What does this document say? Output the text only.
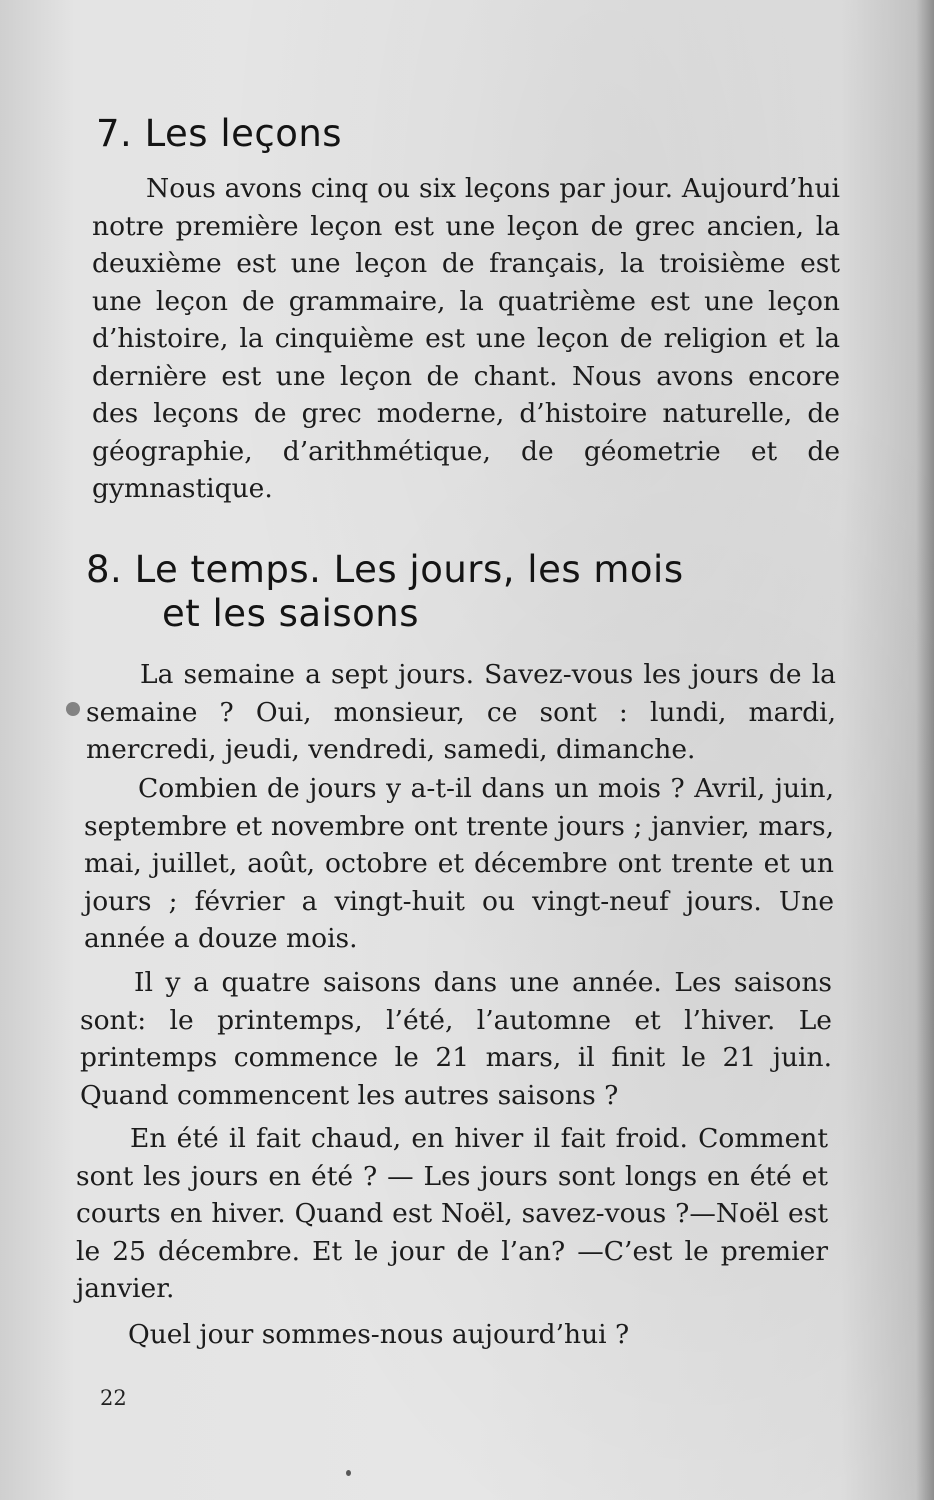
7. Les leçons

Nous avons cinq ou six leçons par jour. Aujourd’hui notre première leçon est une leçon de grec ancien, la deuxième est une leçon de français, la troisième est une leçon de grammaire, la quatrième est une leçon d’histoire, la cinquième est une leçon de religion et la dernière est une leçon de chant. Nous avons encore des leçons de grec moderne, d’histoire naturelle, de géographie, d’arithmétique, de géometrie et de gymnastique.

8. Le temps. Les jours, les mois
et les saisons

La semaine a sept jours. Savez-vous les jours de la semaine ? Oui, monsieur, ce sont : lundi, mardi, mercredi, jeudi, vendredi, samedi, dimanche.

Combien de jours y a-t-il dans un mois ? Avril, juin, septembre et novembre ont trente jours ; janvier, mars, mai, juillet, août, octobre et décembre ont trente et un jours ; février a vingt-huit ou vingt-neuf jours. Une année a douze mois.

Il y a quatre saisons dans une année. Les saisons sont: le printemps, l’été, l’automne et l’hiver. Le printemps commence le 21 mars, il finit le 21 juin. Quand commencent les autres saisons ?

En été il fait chaud, en hiver il fait froid. Comment sont les jours en été ? — Les jours sont longs en été et courts en hiver. Quand est Noël, savez-vous ?—Noël est le 25 décembre. Et le jour de l’an? —C’est le premier janvier.

Quel jour sommes-nous aujourd’hui ?

22
